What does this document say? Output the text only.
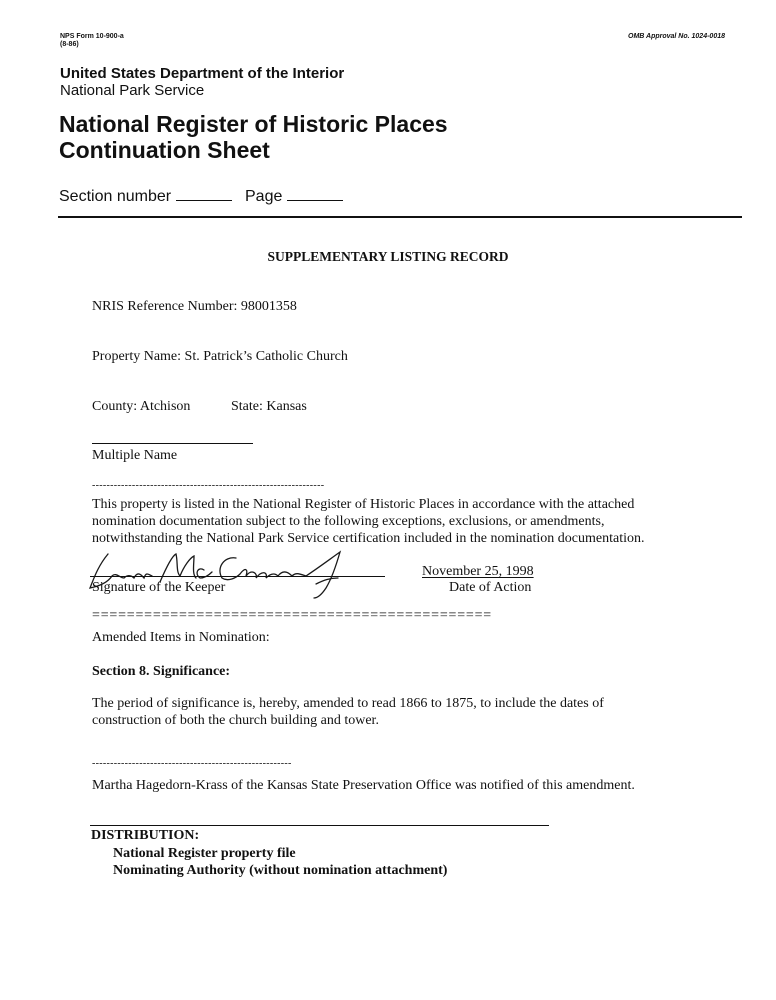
NPS Form 10-900-a
(8-86)
OMB Approval No. 1024-0018
United States Department of the Interior
National Park Service
National Register of Historic Places
Continuation Sheet
Section number	Page
SUPPLEMENTARY LISTING RECORD
NRIS Reference Number: 98001358
Property Name: St. Patrick’s Catholic Church
County: Atchison	State: Kansas
Multiple Name
----------------------------------------------------------------
This property is listed in the National Register of Historic Places in accordance with the attached
nomination documentation subject to the following exceptions, exclusions, or amendments,
notwithstanding the National Park Service certification included in the nomination documentation.
Signature of the Keeper
November 25, 1998
Date of Action
==============================================
Amended Items in Nomination:
Section 8. Significance:
The period of significance is, hereby, amended to read 1866 to 1875, to include the dates of
construction of both the church building and tower.
-------------------------------------------------------
Martha Hagedorn-Krass of the Kansas State Preservation Office was notified of this amendment.
DISTRIBUTION:
National Register property file
Nominating Authority (without nomination attachment)
